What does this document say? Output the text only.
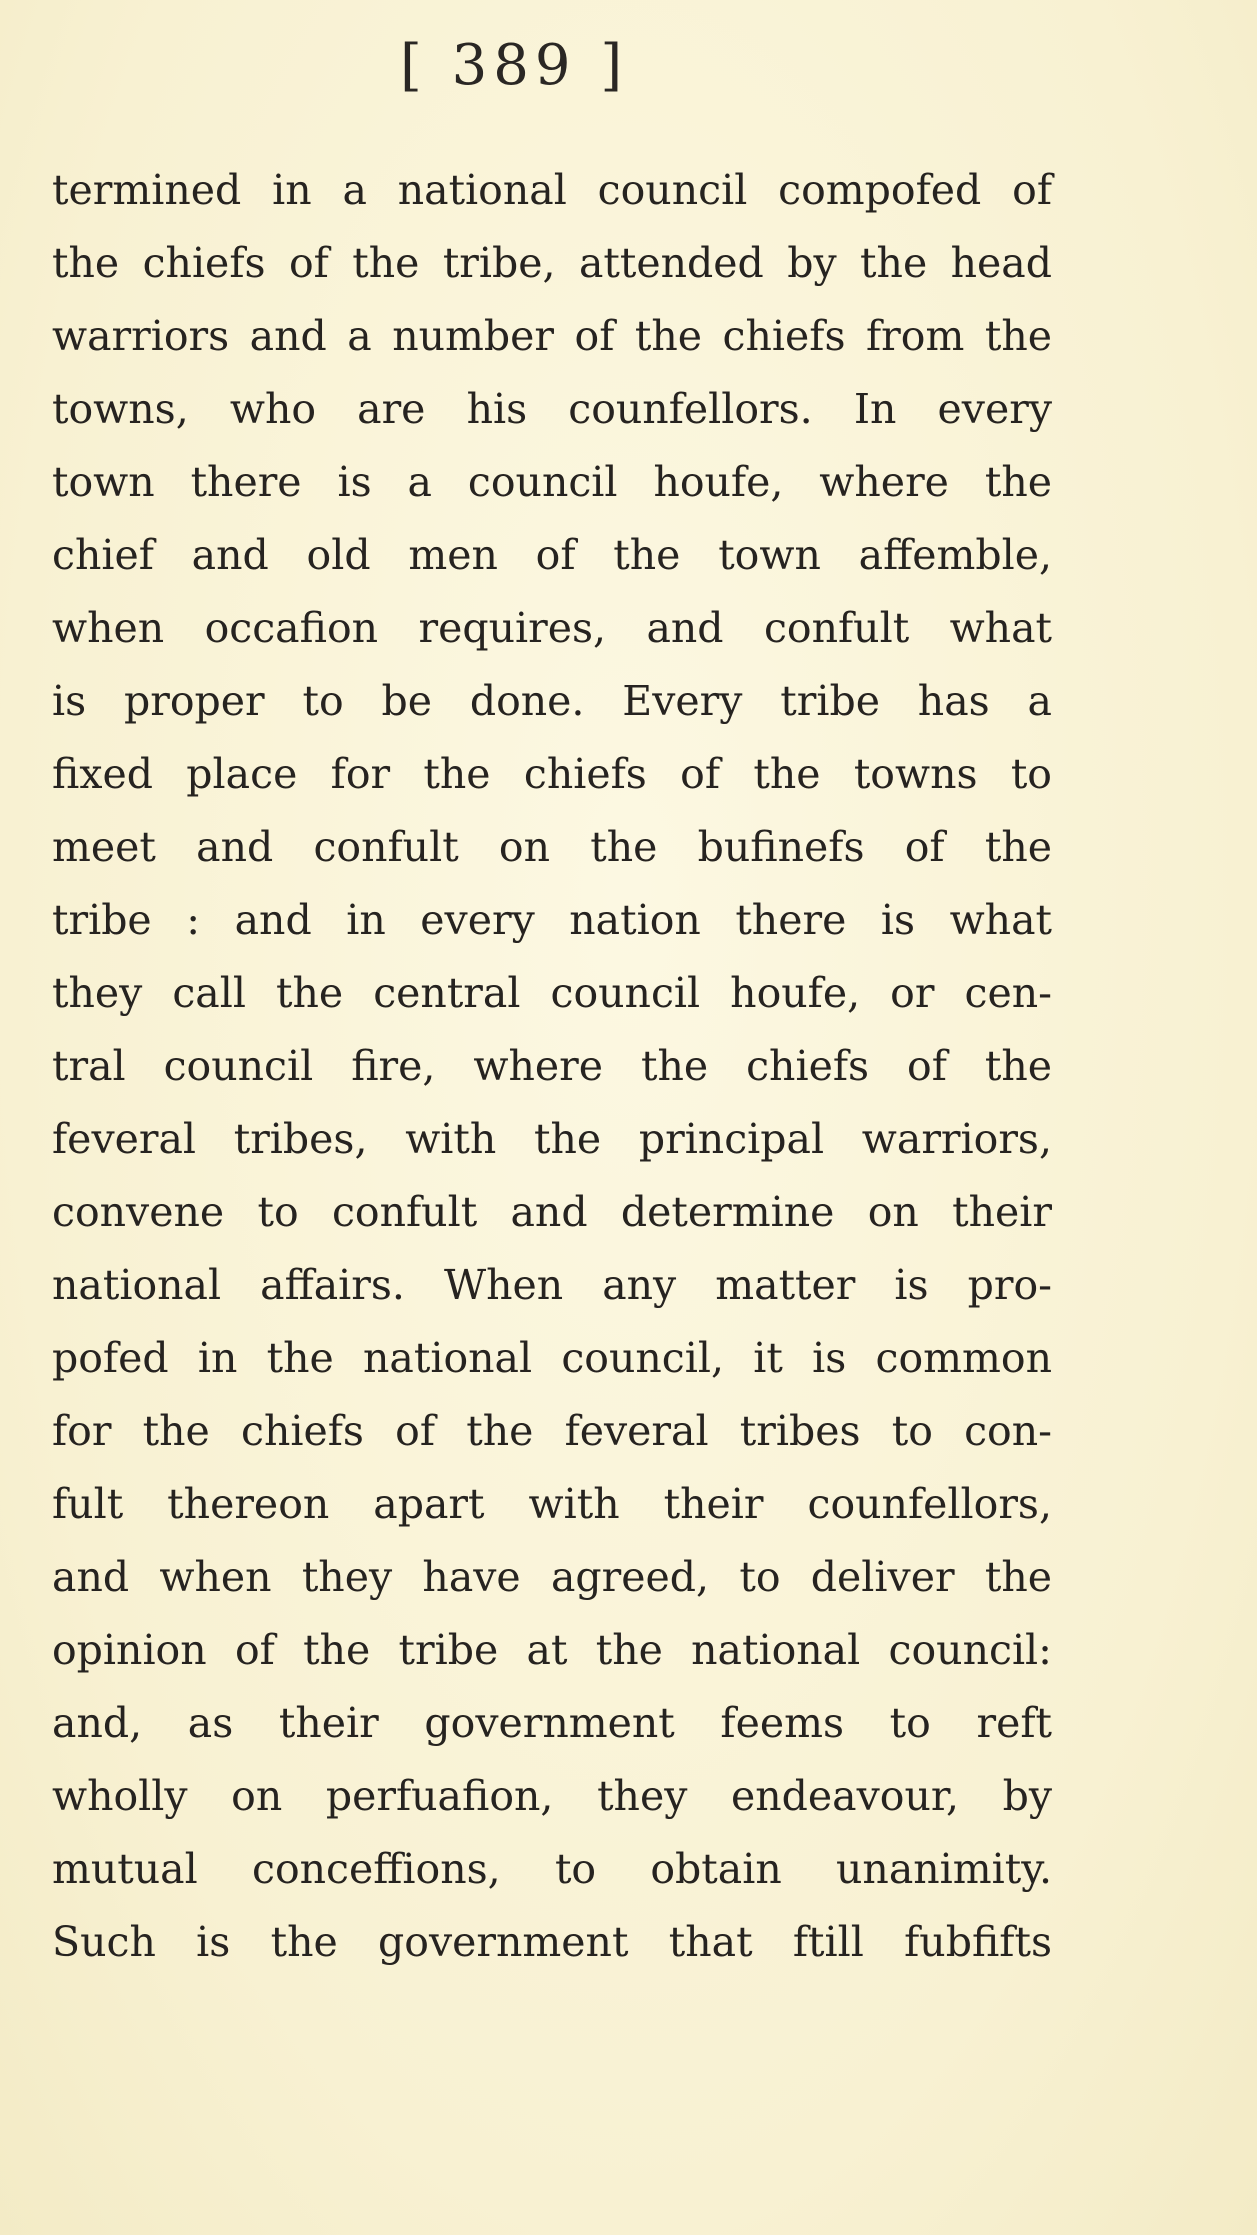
[ 389 ]
termined in a national council compofed of
the chiefs of the tribe, attended by the head
warriors and a number of the chiefs from the
towns, who are his counfellors. In every
town there is a council houfe, where the
chief and old men of the town affemble,
when occafion requires, and confult what
is proper to be done. Every tribe has a
fixed place for the chiefs of the towns to
meet and confult on the bufinefs of the
tribe : and in every nation there is what
they call the central council houfe, or cen-
tral council fire, where the chiefs of the
feveral tribes, with the principal warriors,
convene to confult and determine on their
national affairs. When any matter is pro-
pofed in the national council, it is common
for the chiefs of the feveral tribes to con-
fult thereon apart with their counfellors,
and when they have agreed, to deliver the
opinion of the tribe at the national council:
and, as their government feems to reft
wholly on perfuafion, they endeavour, by
mutual conceffions, to obtain unanimity.
Such is the government that ftill fubfifts
